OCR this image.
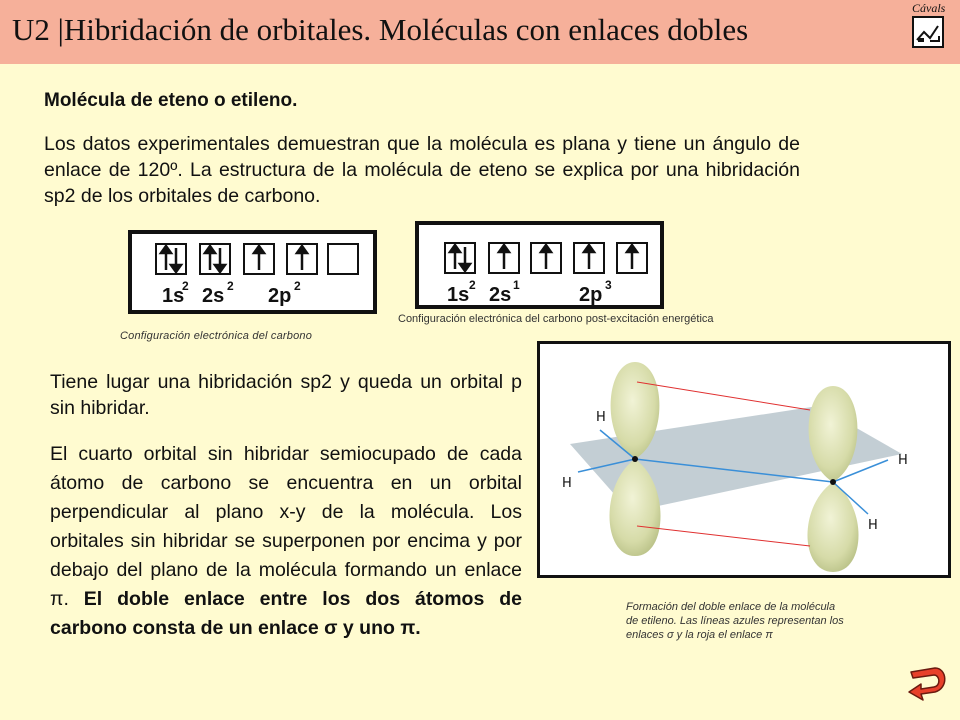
U2 |Hibridación de orbitales. Moléculas con enlaces dobles
Cávals
Molécula de eteno o etileno.
Los datos experimentales demuestran que la molécula es plana y tiene un ángulo de enlace de 120º. La estructura de la molécula de eteno se explica por una hibridación sp2 de los orbitales de carbono.
1s
2 2s 2 2p 2
Configuración electrónica del carbono
1s 2 2s 1	2p 3
Configuración electrónica del carbono post-excitación energética
Tiene lugar una hibridación sp2 y queda un orbital p sin hibridar.
El cuarto orbital sin hibridar semiocupado de cada átomo de carbono se encuentra en un orbital perpendicular al plano x-y de la molécula. Los orbitales sin hibridar se superponen por encima y por debajo del plano de la molécula formando un enlace π. El doble enlace entre los dos átomos de carbono consta de un enlace σ y uno π.
H
H
H
H
Formación del doble enlace de la molécula de etileno. Las líneas azules representan los enlaces σ y la roja el enlace π
